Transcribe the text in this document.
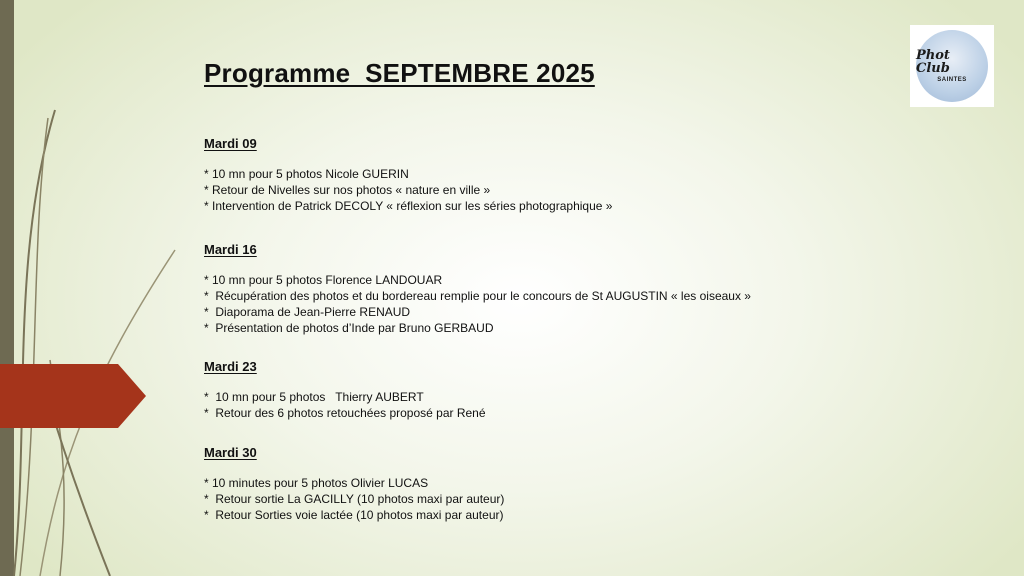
Phot Club
SAINTES
Programme  SEPTEMBRE 2025
Mardi 09
* 10 mn pour 5 photos Nicole GUERIN
* Retour de Nivelles sur nos photos « nature en ville »
* Intervention de Patrick DECOLY « réflexion sur les séries photographique »
Mardi 16
* 10 mn pour 5 photos Florence LANDOUAR
*  Récupération des photos et du bordereau remplie pour le concours de St AUGUSTIN « les oiseaux »
*  Diaporama de Jean-Pierre RENAUD
*  Présentation de photos d’Inde par Bruno GERBAUD
Mardi 23
*  10 mn pour 5 photos   Thierry AUBERT
*  Retour des 6 photos retouchées proposé par René
Mardi 30
* 10 minutes pour 5 photos Olivier LUCAS
*  Retour sortie La GACILLY (10 photos maxi par auteur)
*  Retour Sorties voie lactée (10 photos maxi par auteur)
